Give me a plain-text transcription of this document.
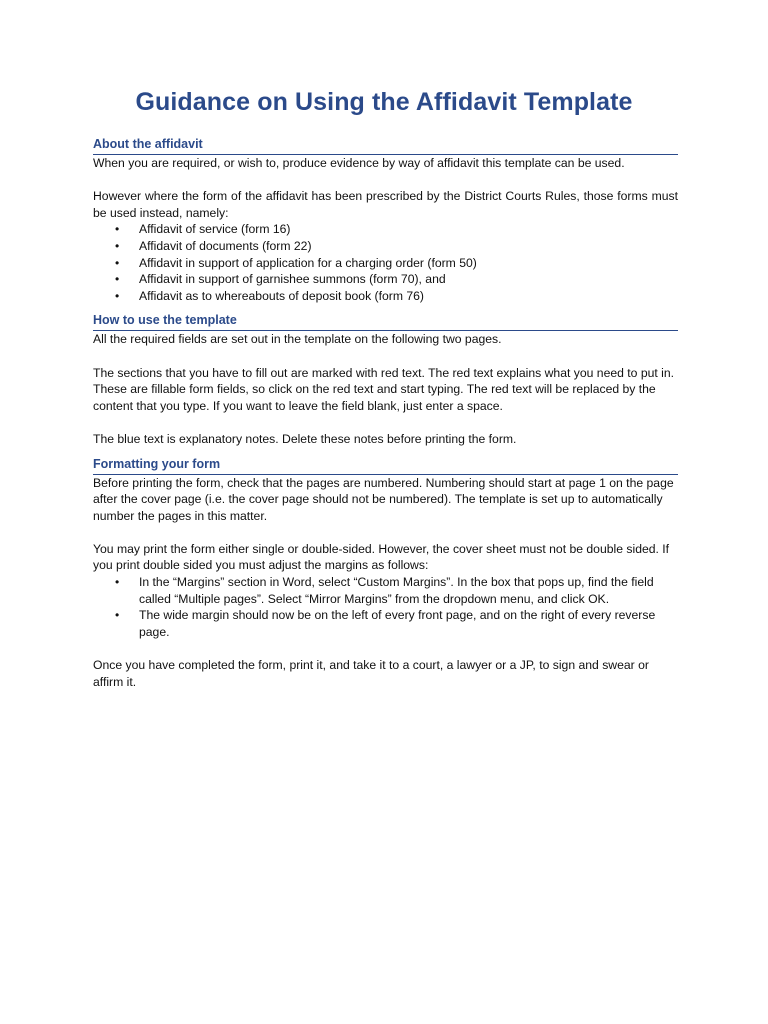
Guidance on Using the Affidavit Template
About the affidavit

When you are required, or wish to, produce evidence by way of affidavit this template can be used.

However where the form of the affidavit has been prescribed by the District Courts Rules, those forms must be used instead, namely:

• Affidavit of service (form 16)
• Affidavit of documents (form 22)
• Affidavit in support of application for a charging order (form 50)
• Affidavit in support of garnishee summons (form 70), and
• Affidavit as to whereabouts of deposit book (form 76)
How to use the template

All the required fields are set out in the template on the following two pages.

The sections that you have to fill out are marked with red text. The red text explains what you need to put in. These are fillable form fields, so click on the red text and start typing. The red text will be replaced by the content that you type. If you want to leave the field blank, just enter a space.

The blue text is explanatory notes. Delete these notes before printing the form.

Formatting your form

Before printing the form, check that the pages are numbered. Numbering should start at page 1 on the page after the cover page (i.e. the cover page should not be numbered). The template is set up to automatically number the pages in this matter.

You may print the form either single or double-sided. However, the cover sheet must not be double sided. If you print double sided you must adjust the margins as follows:

• In the “Margins” section in Word, select “Custom Margins”. In the box that pops up, find the field called “Multiple pages”. Select “Mirror Margins” from the dropdown menu, and click OK.
• The wide margin should now be on the left of every front page, and on the right of every reverse page.

Once you have completed the form, print it, and take it to a court, a lawyer or a JP, to sign and swear or affirm it.
